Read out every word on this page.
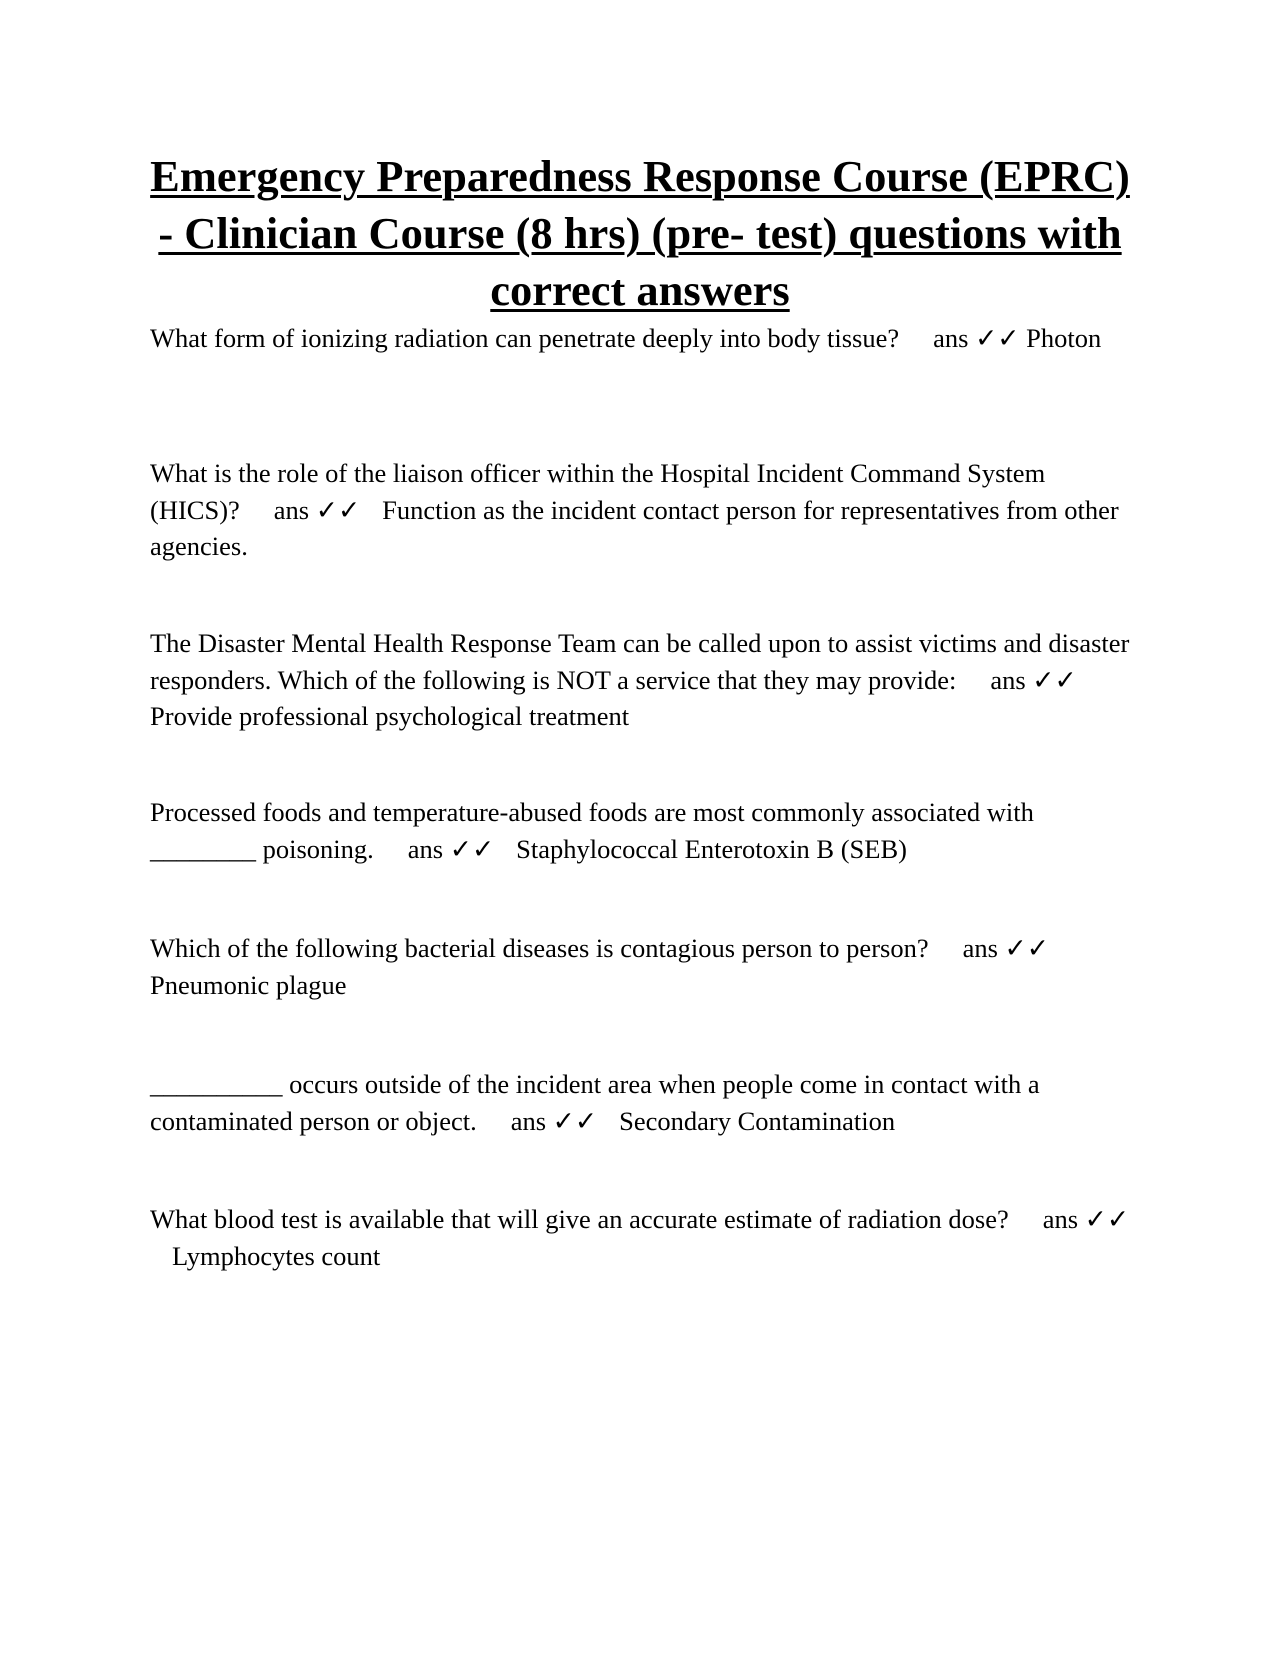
Emergency Preparedness Response Course (EPRC) - Clinician Course (8 hrs) (pre- test) questions with correct answers

What form of ionizing radiation can penetrate deeply into body tissue? ans ✓✓ Photon

What is the role of the liaison officer within the Hospital Incident Command System (HICS)? ans ✓✓ Function as the incident contact person for representatives from other agencies.

The Disaster Mental Health Response Team can be called upon to assist victims and disaster responders. Which of the following is NOT a service that they may provide: ans ✓✓Provide professional psychological treatment

Processed foods and temperature-abused foods are most commonly associated with ________ poisoning. ans ✓✓ Staphylococcal Enterotoxin B (SEB)

Which of the following bacterial diseases is contagious person to person? ans ✓✓Pneumonic plague

__________ occurs outside of the incident area when people come in contact with a contaminated person or object. ans ✓✓ Secondary Contamination

What blood test is available that will give an accurate estimate of radiation dose? ans ✓✓Lymphocytes count
